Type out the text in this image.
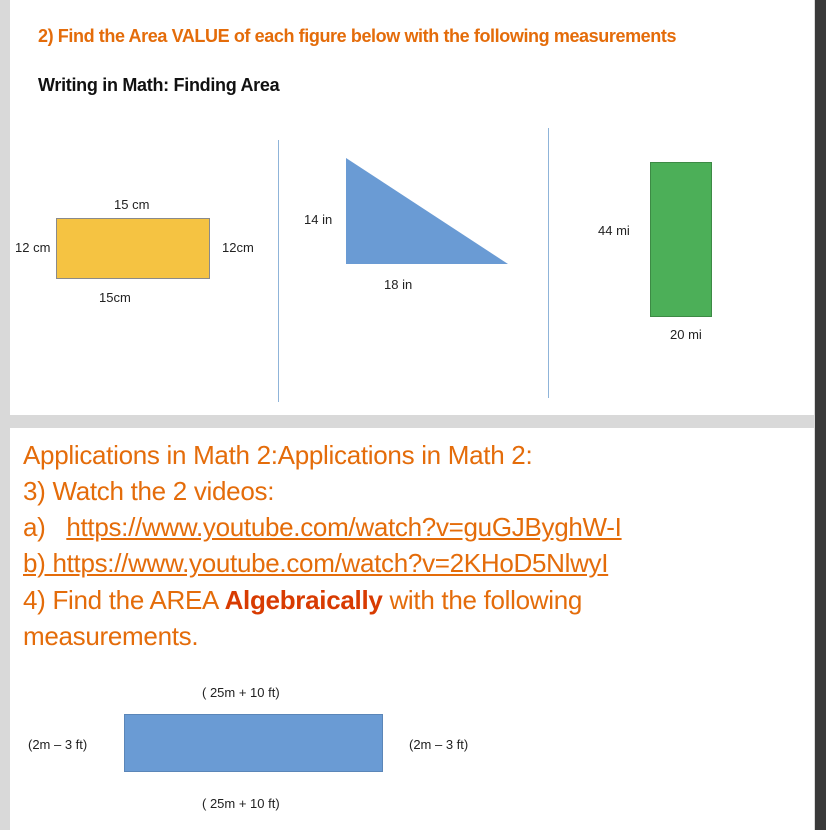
2) Find the Area VALUE of each figure below with the following measurements
Writing in Math: Finding Area
15 cm
15cm
12 cm	12cm
14 in
18 in
44 mi
20 mi
Applications in Math 2:Applications in Math 2:
3) Watch the 2 videos:
a) https://www.youtube.com/watch?v=guGJByghW-I
b) https://www.youtube.com/watch?v=2KHoD5NlwyI
4) Find the AREA Algebraically with the following
measurements.
( 25m + 10 ft)
( 25m + 10 ft)
(2m – 3 ft)	(2m – 3 ft)
